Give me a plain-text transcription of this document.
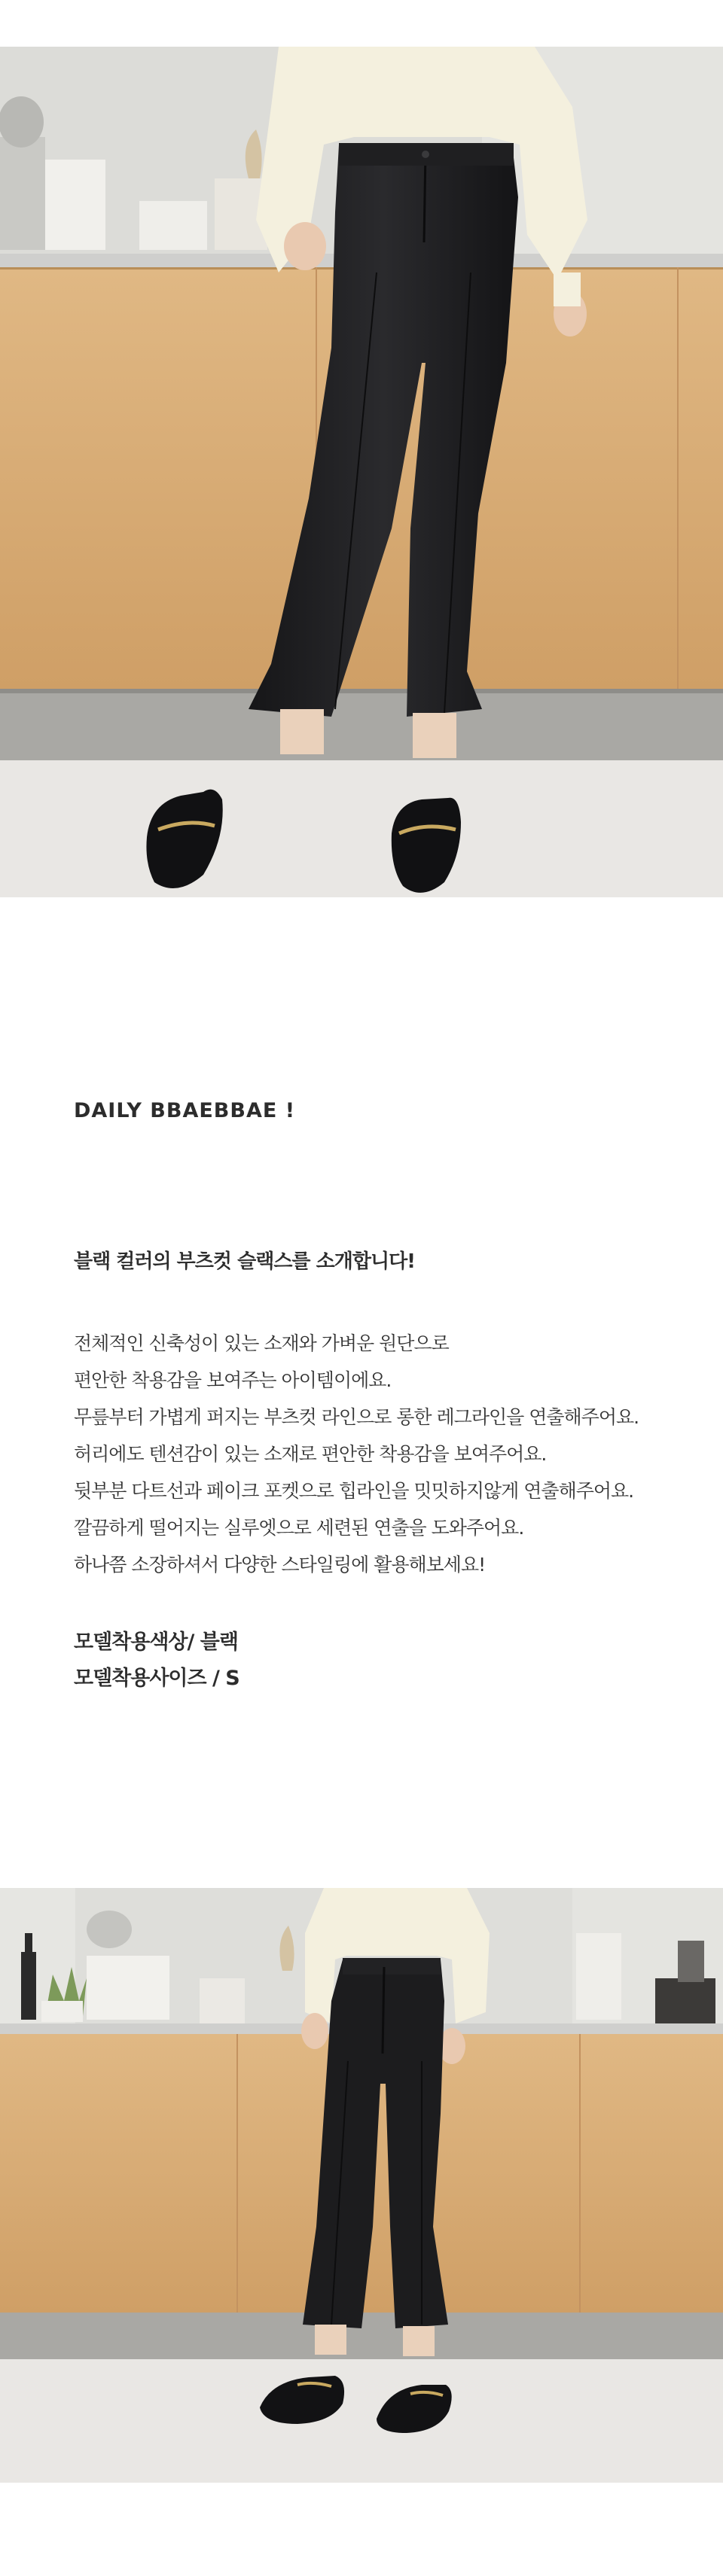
DAILY BBAEBBAE !
블랙 컬러의 부츠컷 슬랙스를 소개합니다!
전체적인 신축성이 있는 소재와 가벼운 원단으로
편안한 착용감을 보여주는 아이템이에요.
무릎부터 가볍게 퍼지는 부츠컷 라인으로 롱한 레그라인을 연출해주어요.
허리에도 텐션감이 있는 소재로 편안한 착용감을 보여주어요.
뒷부분 다트선과 페이크 포켓으로 힙라인을 밋밋하지않게 연출해주어요.
깔끔하게 떨어지는 실루엣으로 세련된 연출을 도와주어요.
하나쯤 소장하셔서 다양한 스타일링에 활용해보세요!
모델착용색상/ 블랙
모델착용사이즈 / S
